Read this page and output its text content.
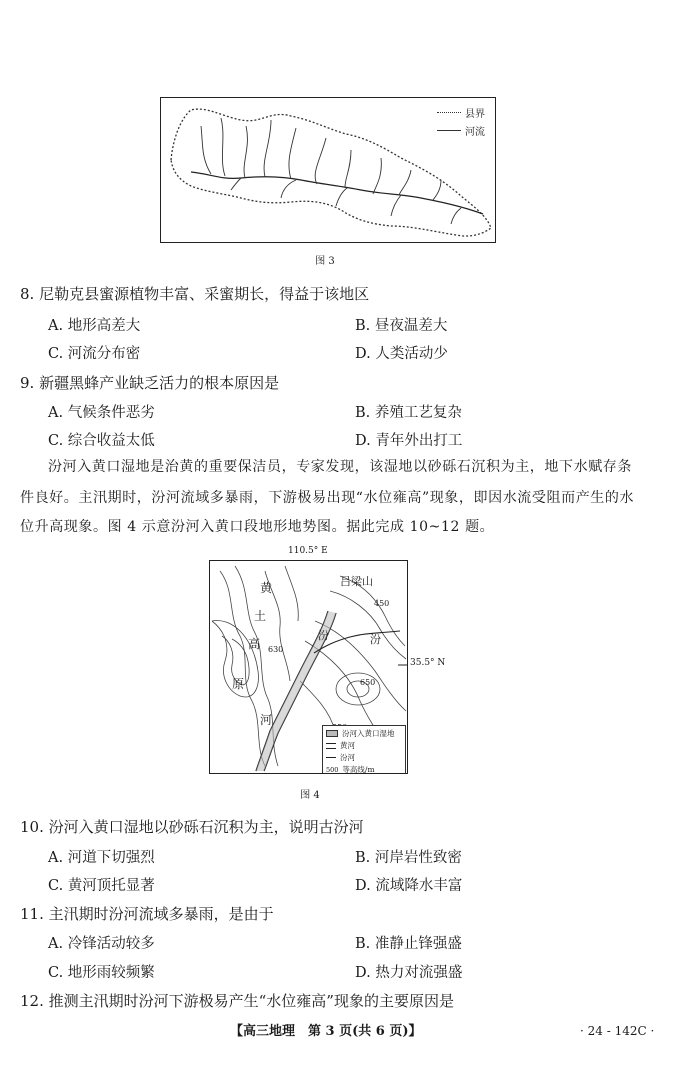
县界
河流
图 3
8. 尼勒克县蜜源植物丰富、采蜜期长，得益于该地区
A. 地形高差大	B. 昼夜温差大
C. 河流分布密	D. 人类活动少
9. 新疆黑蜂产业缺乏活力的根本原因是
A. 气候条件恶劣	B. 养殖工艺复杂
C. 综合收益太低	D. 青年外出打工
汾河入黄口湿地是治黄的重要保洁员，专家发现，该湿地以砂砾石沉积为主，地下水赋存条
件良好。主汛期时，汾河流域多暴雨，下游极易出现“水位雍高”现象，即因水流受阻而产生的水
位升高现象。图 4 示意汾河入黄口段地形地势图。据此完成 10~12 题。
110.5° E
黄
土
高
原
河
吕梁山
汾	汾
650
630
450
汾河入黄口湿地
黄河
汾河
500 等高线/m
35.5° N
图 4
10. 汾河入黄口湿地以砂砾石沉积为主，说明古汾河
A. 河道下切强烈	B. 河岸岩性致密
C. 黄河顶托显著	D. 流域降水丰富
11. 主汛期时汾河流域多暴雨，是由于
A. 冷锋活动较多	B. 准静止锋强盛
C. 地形雨较频繁	D. 热力对流强盛
12. 推测主汛期时汾河下游极易产生“水位雍高”现象的主要原因是
【高三地理　第 3 页(共 6 页)】	· 24 - 142C ·
